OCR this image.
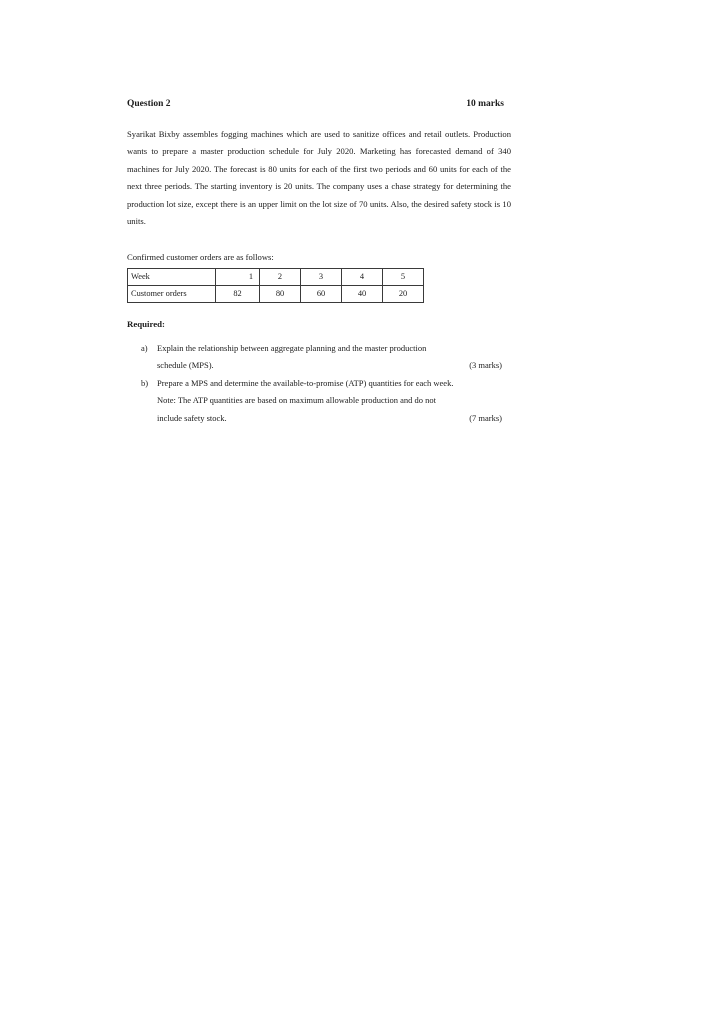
Question 2	10 marks

Syarikat Bixby assembles fogging machines which are used to sanitize offices and retail outlets. Production wants to prepare a master production schedule for July 2020. Marketing has forecasted demand of 340 machines for July 2020. The forecast is 80 units for each of the first two periods and 60 units for each of the next three periods. The starting inventory is 20 units. The company uses a chase strategy for determining the production lot size, except there is an upper limit on the lot size of 70 units. Also, the desired safety stock is 10 units.

Confirmed customer orders are as follows:
Week	1	2	3	4	5
Customer orders	82	80	60	40	20
Required:
a) Explain the relationship between aggregate planning and the master production
schedule (MPS).	(3 marks)
b) Prepare a MPS and determine the available-to-promise (ATP) quantities for each week.
Note: The ATP quantities are based on maximum allowable production and do not
include safety stock.	(7 marks)
